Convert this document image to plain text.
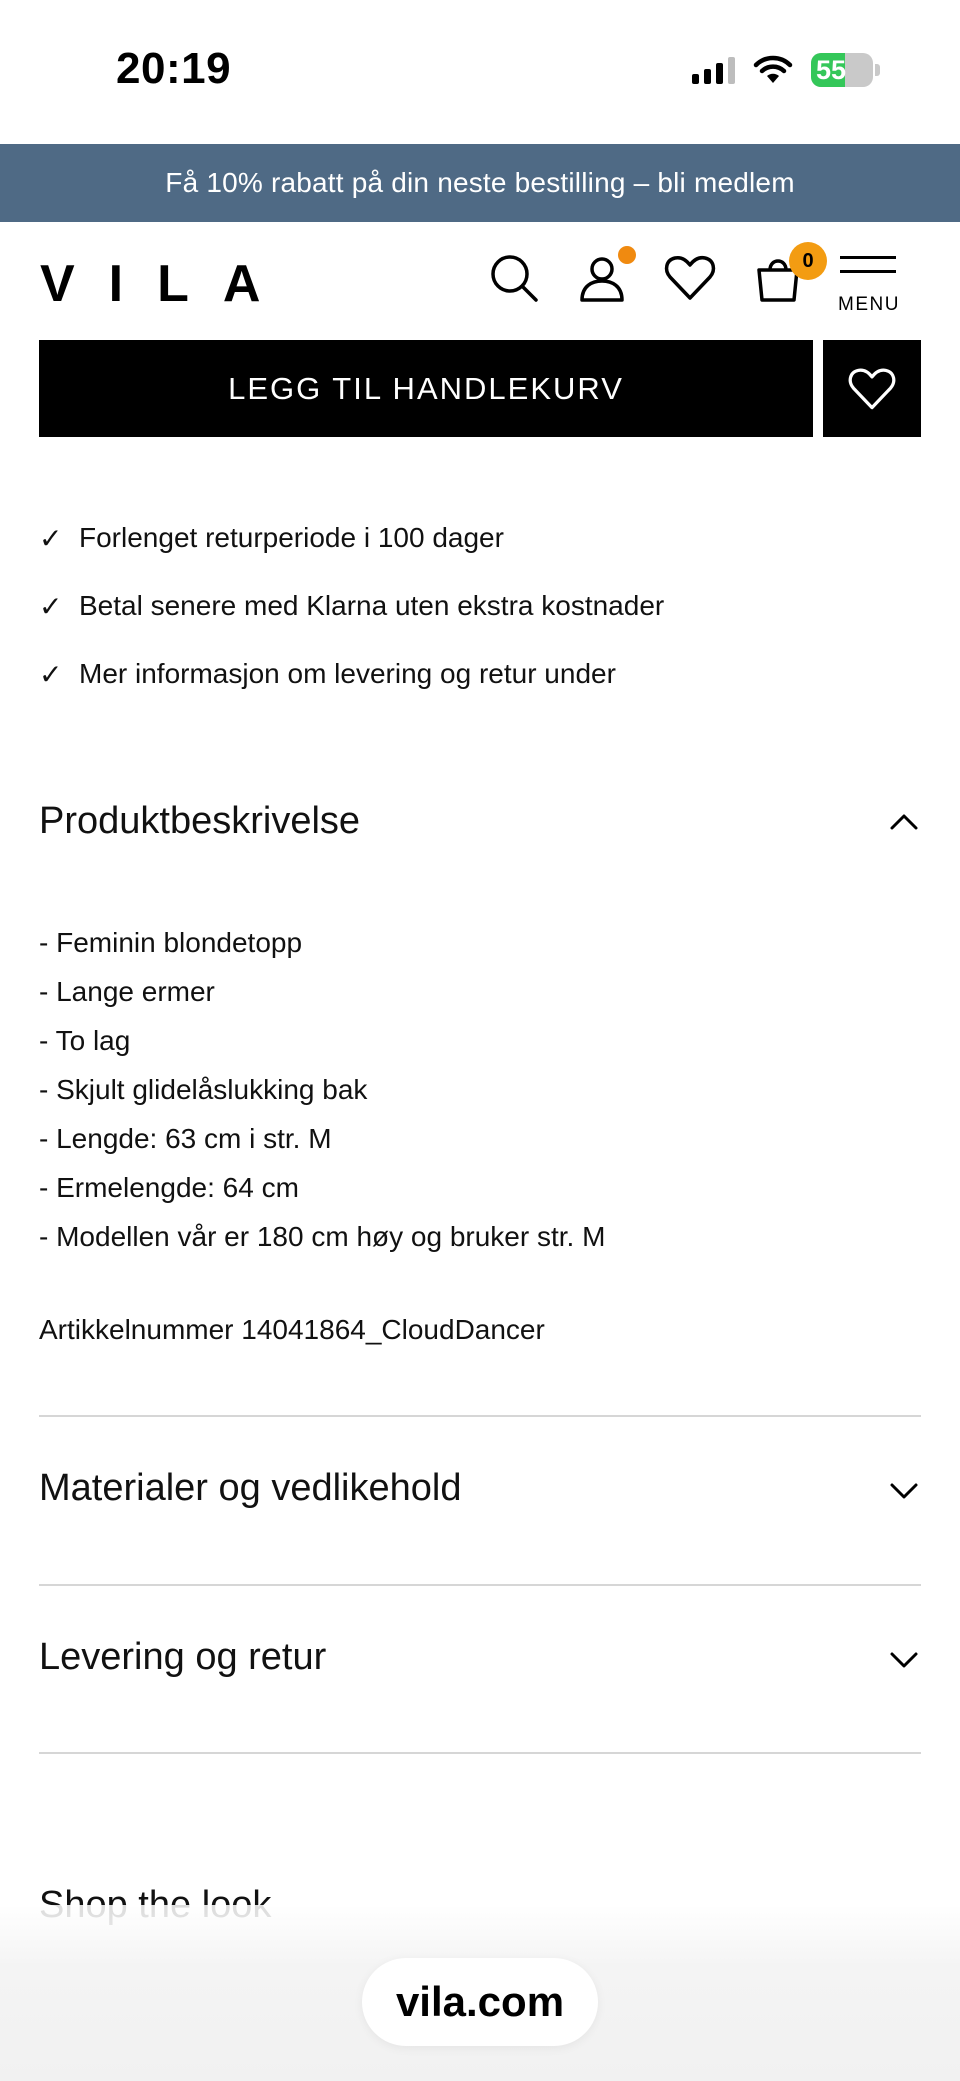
20:19	55
Få 10% rabatt på din neste bestilling – bli medlem
VILA	0
MENU
LEGG TIL HANDLEKURV
✓ Forlenget returperiode i 100 dager
✓ Betal senere med Klarna uten ekstra kostnader
✓ Mer informasjon om levering og retur under
Produktbeskrivelse
- Feminin blondetopp
- Lange ermer
- To lag
- Skjult glidelåslukking bak
- Lengde: 63 cm i str. M
- Ermelengde: 64 cm
- Modellen vår er 180 cm høy og bruker str. M
Artikkelnummer 14041864_CloudDancer
Materialer og vedlikehold
Levering og retur
vila.com
